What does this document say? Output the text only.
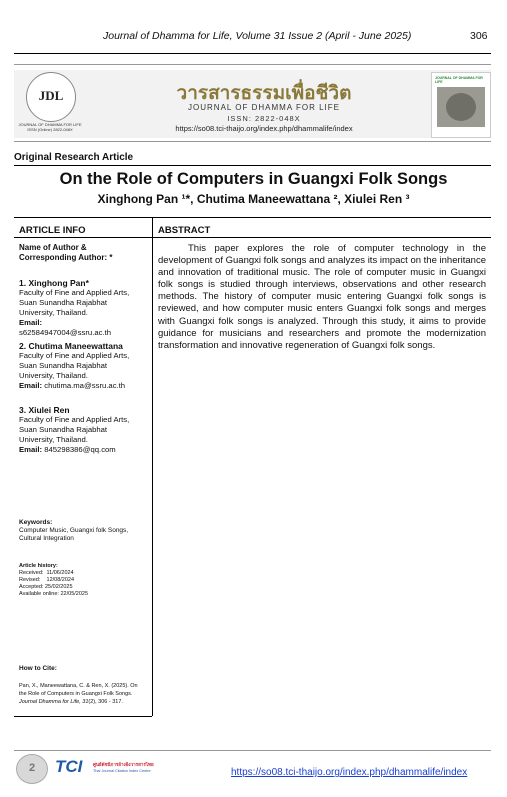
Journal of Dhamma for Life, Volume 31 Issue 2 (April - June 2025)	306
JDL
JOURNAL OF DHAMMA FOR LIFE ISSN (Online) 2822-048X
วารสารธรรมเพื่อชีวิต
JOURNAL OF DHAMMA FOR LIFE
ISSN: 2822-048X
https://so08.tci-thaijo.org/index.php/dhammalife/index
JOURNAL OF DHAMMA FOR LIFE
Original Research Article
On the Role of Computers in Guangxi Folk Songs
Xinghong Pan ¹*, Chutima Maneewattana ², Xiulei Ren ³
ARTICLE INFO
Name of Author &
Corresponding Author: *
1. Xinghong Pan*
Faculty of Fine and Applied Arts,
Suan Sunandha Rajabhat
University, Thailand.
Email:
s62584947004@ssru.ac.th
2. Chutima Maneewattana
Faculty of Fine and Applied Arts,
Suan Sunandha Rajabhat
University, Thailand.
Email: chutima.ma@ssru.ac.th
3. Xiulei Ren
Faculty of Fine and Applied Arts,
Suan Sunandha Rajabhat
University, Thailand.
Email: 845298386@qq.com
Keywords:
Computer Music, Guangxi folk Songs, Cultural Integration
Article history:
Received:  11/06/2024
Revised:    12/08/2024
Accepted: 25/02/2025
Available online: 22/05/2025
How to Cite:
Pan, X., Maneewattana, C. & Ren, X. (2025). On the Role of Computers in Guangxi Folk Songs. Journal Dhamma for Life, 31(2), 306 - 317.
ABSTRACT
This paper explores the role of computer technology in the development of Guangxi folk songs and analyzes its impact on the inheritance and innovation of traditional music. The role of computer music in Guangxi folk songs is studied through interviews, observations and other research methods. The history of computer music entering Guangxi folk songs is reviewed, and how computer music enters Guangxi folk songs and merges with Guangxi folk songs is analyzed. Through this study, it aims to provide guidance for musicians and researchers and promote the modernization transformation and innovative regeneration of Guangxi folk songs.
2	TCI ศูนย์ดัชนีการอ้างอิงวารสารไทย
Thai Journal Citation Index Centre	https://so08.tci-thaijo.org/index.php/dhammalife/index
